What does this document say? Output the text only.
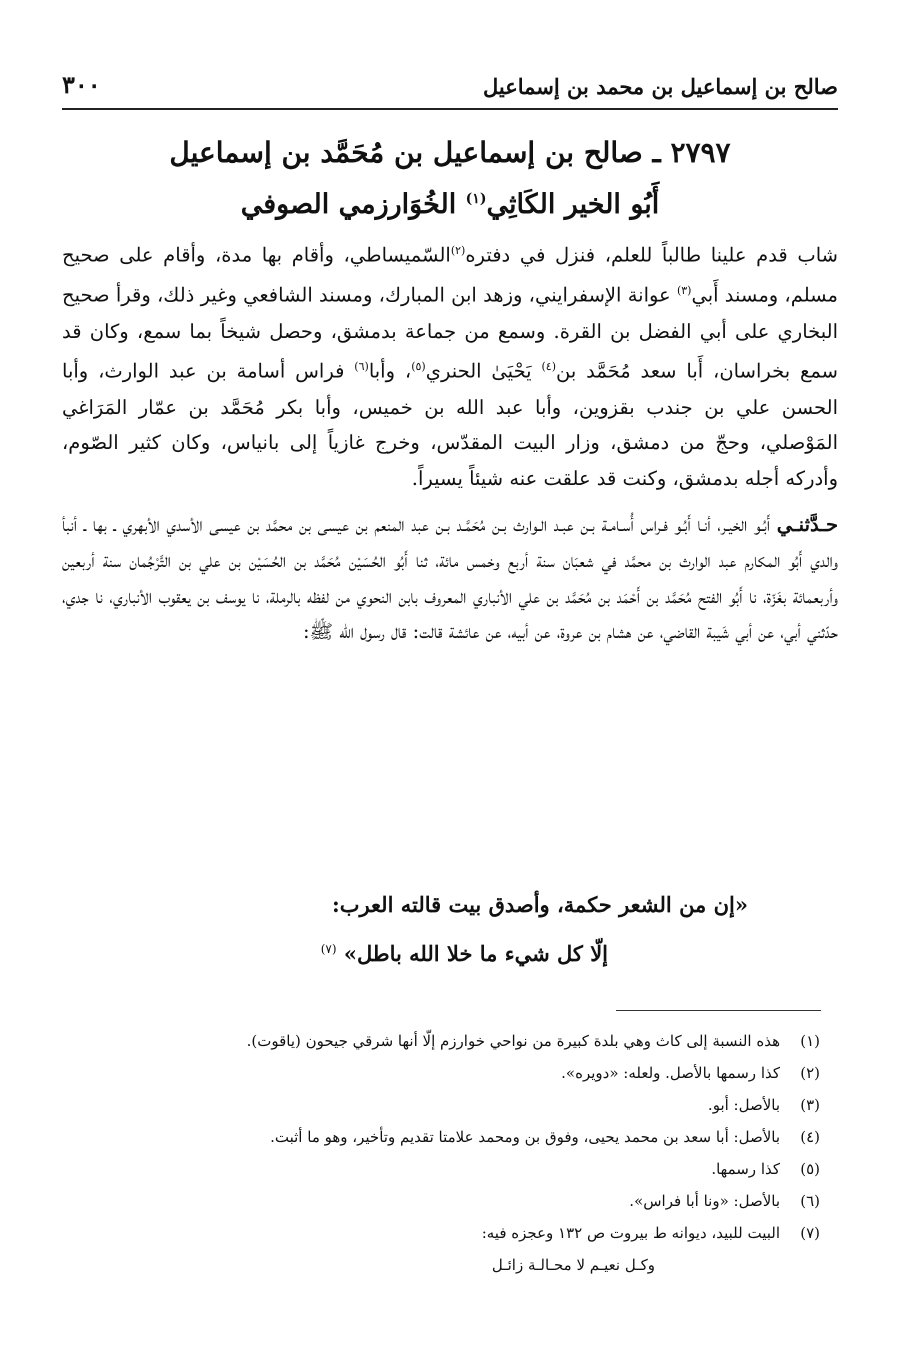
صالح بن إسماعيل بن محمد بن إسماعيل
٣٠٠
٢٧٩٧ ـ صالح بن إسماعيل بن مُحَمَّد بن إسماعيل
أَبُو الخير الكَاثِي$^{(١)}$ الخُوَارزمي الصوفي

شاب قدم علينا طالباً للعلم، فنزل في دفتره$^{(٢)}$السّميساطي، وأقام بها مدة، وأقام على صحيح مسلم، ومسند أَبي$^{(٣)}$ عوانة الإسفرايني، وزهد ابن المبارك، ومسند الشافعي وغير ذلك، وقرأ صحيح البخاري على أبي الفضل بن القرة. وسمع من جماعة بدمشق، وحصل شيخاً بما سمع، وكان قد سمع بخراسان، أَبا سعد مُحَمَّد بن$^{(٤)}$ يَحْيَىٰ الحنري$^{(٥)}$، وأبا$^{(٦)}$ فراس أسامة بن عبد الوارث، وأبا الحسن علي بن جندب بقزوين، وأبا عبد الله بن خميس، وأبا بكر مُحَمَّد بن عمّار المَرَاغي المَوْصلي، وحجّ من دمشق، وزار البيت المقدّس، وخرج غازياً إلى بانياس، وكان كثير الصّوم، وأدركه أجله بدمشق، وكنت قد علقت عنه شيئاً يسيراً.

حـدَّثنـي أَبُـو الخيـر، أنـا أَبُـو فـراس أُسـامـة بـن عبـد الـوارث بـن مُحَمَّـد بـن عبد المنعم بن عيسى بن محمَّد بن عيسى الأسدي الأبهري ـ بها ـ أنبأ والدي أَبُو المكارم عبد الوارث بن محمَّد في شعبَان سنة أربع وخمس مائة، ثنا أَبُو الحُسَيْن مُحَمَّد بن الحُسَيْن بن علي بن التَّرْجُمان سنة أربعين وأربعمائة بغَزّة، نا أَبُو الفتح مُحَمَّد بن أَحْمَد بن مُحَمَّد بن علي الأنباري المعروف بابن النحوي من لفظه بالرملة، نا يوسف بن يعقوب الأنباري، نا جدي، حدّثني أبي، عن أبي شَيبة القاضي، عن هشام بن عروة، عن أبيه، عن عائشة قالت: قال رسول الله ﷺ:

«إن من الشعر حكمة، وأصدق بيت قالته العرب:
إلّا كل شيء ما خلا الله باطل» $^{(٧)}$
(١)هذه النسبة إلى كاث وهي بلدة كبيرة من نواحي خوارزم إلّا أنها شرقي جيحون (ياقوت).
(٢)كذا رسمها بالأصل. ولعله: «دويره».
(٣)بالأصل: أبو.
(٤)بالأصل: أبا سعد بن محمد يحيى، وفوق بن ومحمد علامتا تقديم وتأخير، وهو ما أثبت.
(٥)كذا رسمها.
(٦)بالأصل: «ونا أبا فراس».
(٧)البيت للبيد، ديوانه ط بيروت ص ١٣٢ وعجزه فيه:
وكـل نعيـم لا محـالـة زائـل
